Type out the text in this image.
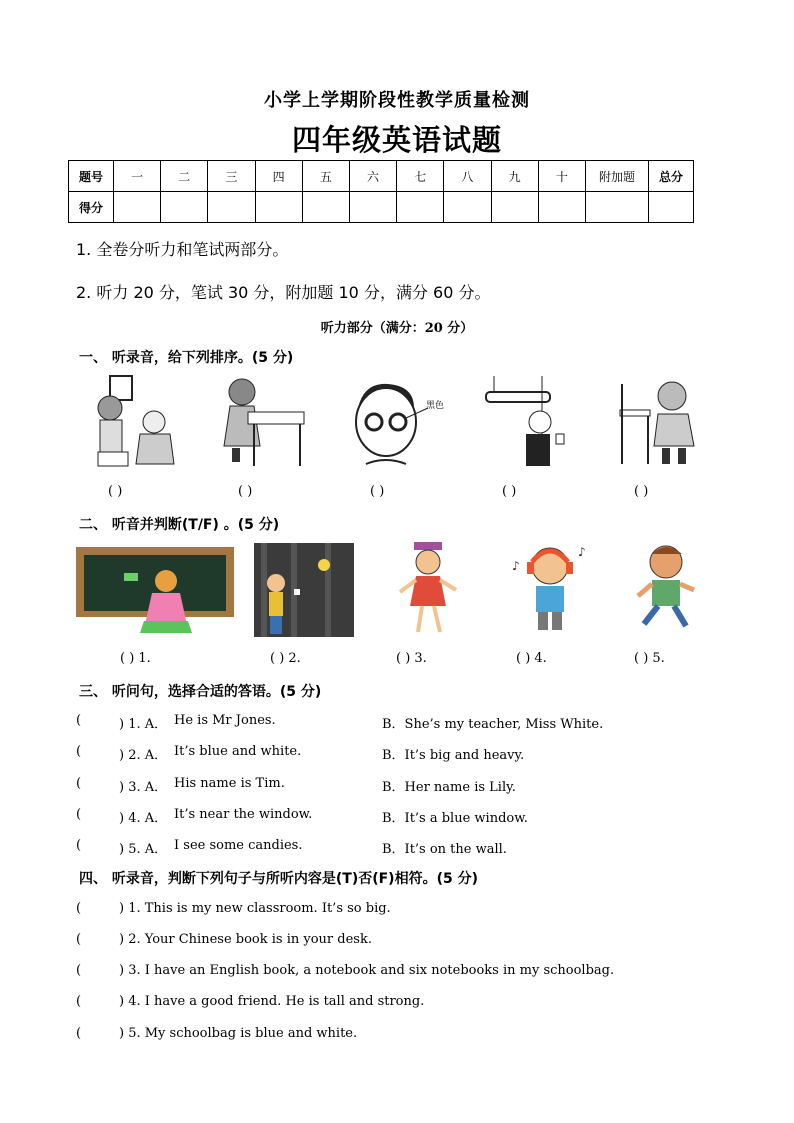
小学上学期阶段性教学质量检测
四年级英语试题
题号	一	二	三	四	五	六	七	八	九	十	附加题	总分
得分												
1. 全卷分听力和笔试两部分。
2. 听力 20 分，笔试 30 分，附加题 10 分，满分 60 分。
听力部分（满分：20 分）
一、 听录音，给下列排序。(5 分)
黑色
( )	( )	( )	( )	( )
二、 听音并判断(T/F) 。(5 分)
♪
♪
( ) 1.	( ) 2.	( ) 3.	( ) 4.	( ) 5.
三、 听问句，选择合适的答语。(5 分)
(	) 1. A． He is Mr Jones.	B．She’s my teacher, Miss White.
(	) 2. A． It’s blue and white.	B．It’s big and heavy.
(	) 3. A． His name is Tim.	B．Her name is Lily.
(	) 4. A． It’s near the window.	B．It’s a blue window.
(	) 5. A． I see some candies.	B．It’s on the wall.
四、 听录音，判断下列句子与所听内容是(T)否(F)相符。(5 分)
(	) 1. This is my new classroom. It’s so big.
(	) 2. Your Chinese book is in your desk.
(	) 3. I have an English book, a notebook and six notebooks in my schoolbag.
(	) 4. I have a good friend. He is tall and strong.
(	) 5. My schoolbag is blue and white.
